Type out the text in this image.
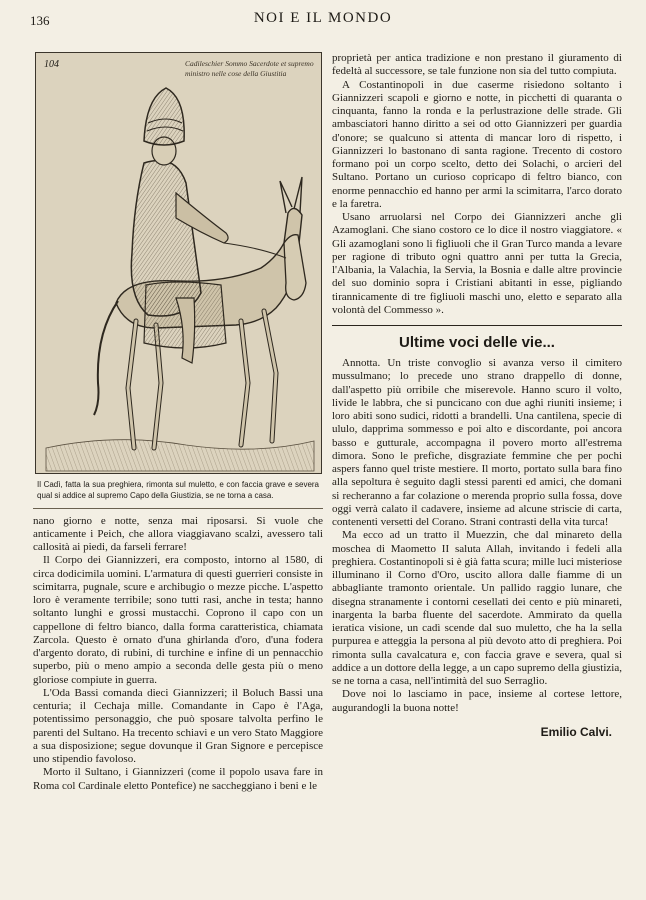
136	NOI E IL MONDO
104	Cadileschier Sommo Sacerdote et supremo ministro nelle cose della Giustitia
Il Cadì, fatta la sua preghiera, rimonta sul muletto, e con faccia grave e severa qual si addice al supremo Capo della Giustizia, se ne torna a casa.

nano giorno e notte, senza mai riposarsi. Si vuole che anticamente i Peich, che allora viaggiavano scalzi, avessero tali callosità ai piedi, da farseli ferrare!

Il Corpo dei Giannizzeri, era composto, intorno al 1580, di circa dodicimila uomini. L'armatura di questi guerrieri consiste in scimitarra, pugnale, scure e archibugio o mezze picche. L'aspetto loro è veramente terribile; sono tutti rasi, anche in testa; hanno soltanto lunghi e grossi mustacchi. Coprono il capo con un cappellone di feltro bianco, dalla forma caratteristica, chiamata Zarcola. Questo è ornato d'una ghirlanda d'oro, d'una fodera d'argento dorato, di rubini, di turchine e infine di un pennacchio superbo, più o meno ampio a seconda delle gesta più o meno gloriose compiute in guerra.

L'Oda Bassi comanda dieci Giannizzeri; il Boluch Bassi una centuria; il Cechaja mille. Comandante in Capo è l'Aga, potentissimo personaggio, che può sposare talvolta perfino le parenti del Sultano. Ha trecento schiavi e un vero Stato Maggiore a sua disposizione; segue dovunque il Gran Signore e percepisce uno stipendio favoloso.

Morto il Sultano, i Giannizzeri (come il popolo usava fare in Roma col Cardinale eletto Pontefice) ne saccheggiano i beni e le

proprietà per antica tradizione e non prestano il giuramento di fedeltà al successore, se tale funzione non sia del tutto compiuta.

A Costantinopoli in due caserme risiedono soltanto i Giannizzeri scapoli e giorno e notte, in picchetti di quaranta o cinquanta, fanno la ronda e la perlustrazione delle strade. Gli ambasciatori hanno diritto a sei od otto Giannizzeri per guardia d'onore; se qualcuno si attenta di mancar loro di rispetto, i Giannizzeri lo bastonano di santa ragione. Trecento di costoro formano poi un corpo scelto, detto dei Solachi, o arcieri del Sultano. Portano un curioso copricapo di feltro bianco, con enorme pennacchio ed hanno per armi la scimitarra, l'arco dorato e la faretra.

Usano arruolarsi nel Corpo dei Giannizzeri anche gli Azamoglani. Che siano costoro ce lo dice il nostro viaggiatore. « Gli azamoglani sono li figliuoli che il Gran Turco manda a levare per ragione di tributo ogni quattro anni per tutta la Grecia, l'Albania, la Valachia, la Servia, la Bosnia e dalle altre provincie del suo dominio sopra i Cristiani abitanti in esse, pigliando tirannicamente di tre figliuoli maschi uno, eletto e separato alla volontà del Commesso ».

Ultime voci delle vie...

Annotta. Un triste convoglio si avanza verso il cimitero mussulmano; lo precede uno strano drappello di donne, dall'aspetto più orribile che miserevole. Hanno scuro il volto, livide le labbra, che si puncicano con due aghi riuniti insieme; i loro abiti sono sudici, ridotti a brandelli. Una cantilena, specie di ululo, dapprima sommesso e poi alto e discordante, poi ancora basso e gutturale, accompagna il povero morto all'estrema dimora. Sono le prefiche, disgraziate femmine che per pochi aspers fanno quel triste mestiere. Il morto, portato sulla bara fino alla sepoltura è seguito dagli stessi parenti ed amici, che domani si recheranno a far colazione o merenda proprio sulla fossa, dove oggi verrà calato il cadavere, insieme ad alcune striscie di carta, contenenti versetti del Corano. Strani contrasti della vita turca!

Ma ecco ad un tratto il Muezzin, che dal minareto della moschea di Maometto II saluta Allah, invitando i fedeli alla preghiera. Costantinopoli si è già fatta scura; mille luci misteriose illuminano il Corno d'Oro, uscito allora dalle fiamme di un abbagliante tramonto orientale. Un pallido raggio lunare, che disegna stranamente i contorni cesellati dei cento e più minareti, inargenta la barba fluente del sacerdote. Ammirato da quella ieratica visione, un cadì scende dal suo muletto, che ha la sella purpurea e atteggia la persona al più devoto atto di preghiera. Poi rimonta sulla cavalcatura e, con faccia grave e severa, qual si addice a un dottore della legge, a un capo supremo della giustizia, se ne torna a casa, nell'intimità del suo Serraglio.

Dove noi lo lasciamo in pace, insieme al cortese lettore, augurandogli la buona notte!

Emilio Calvi.
